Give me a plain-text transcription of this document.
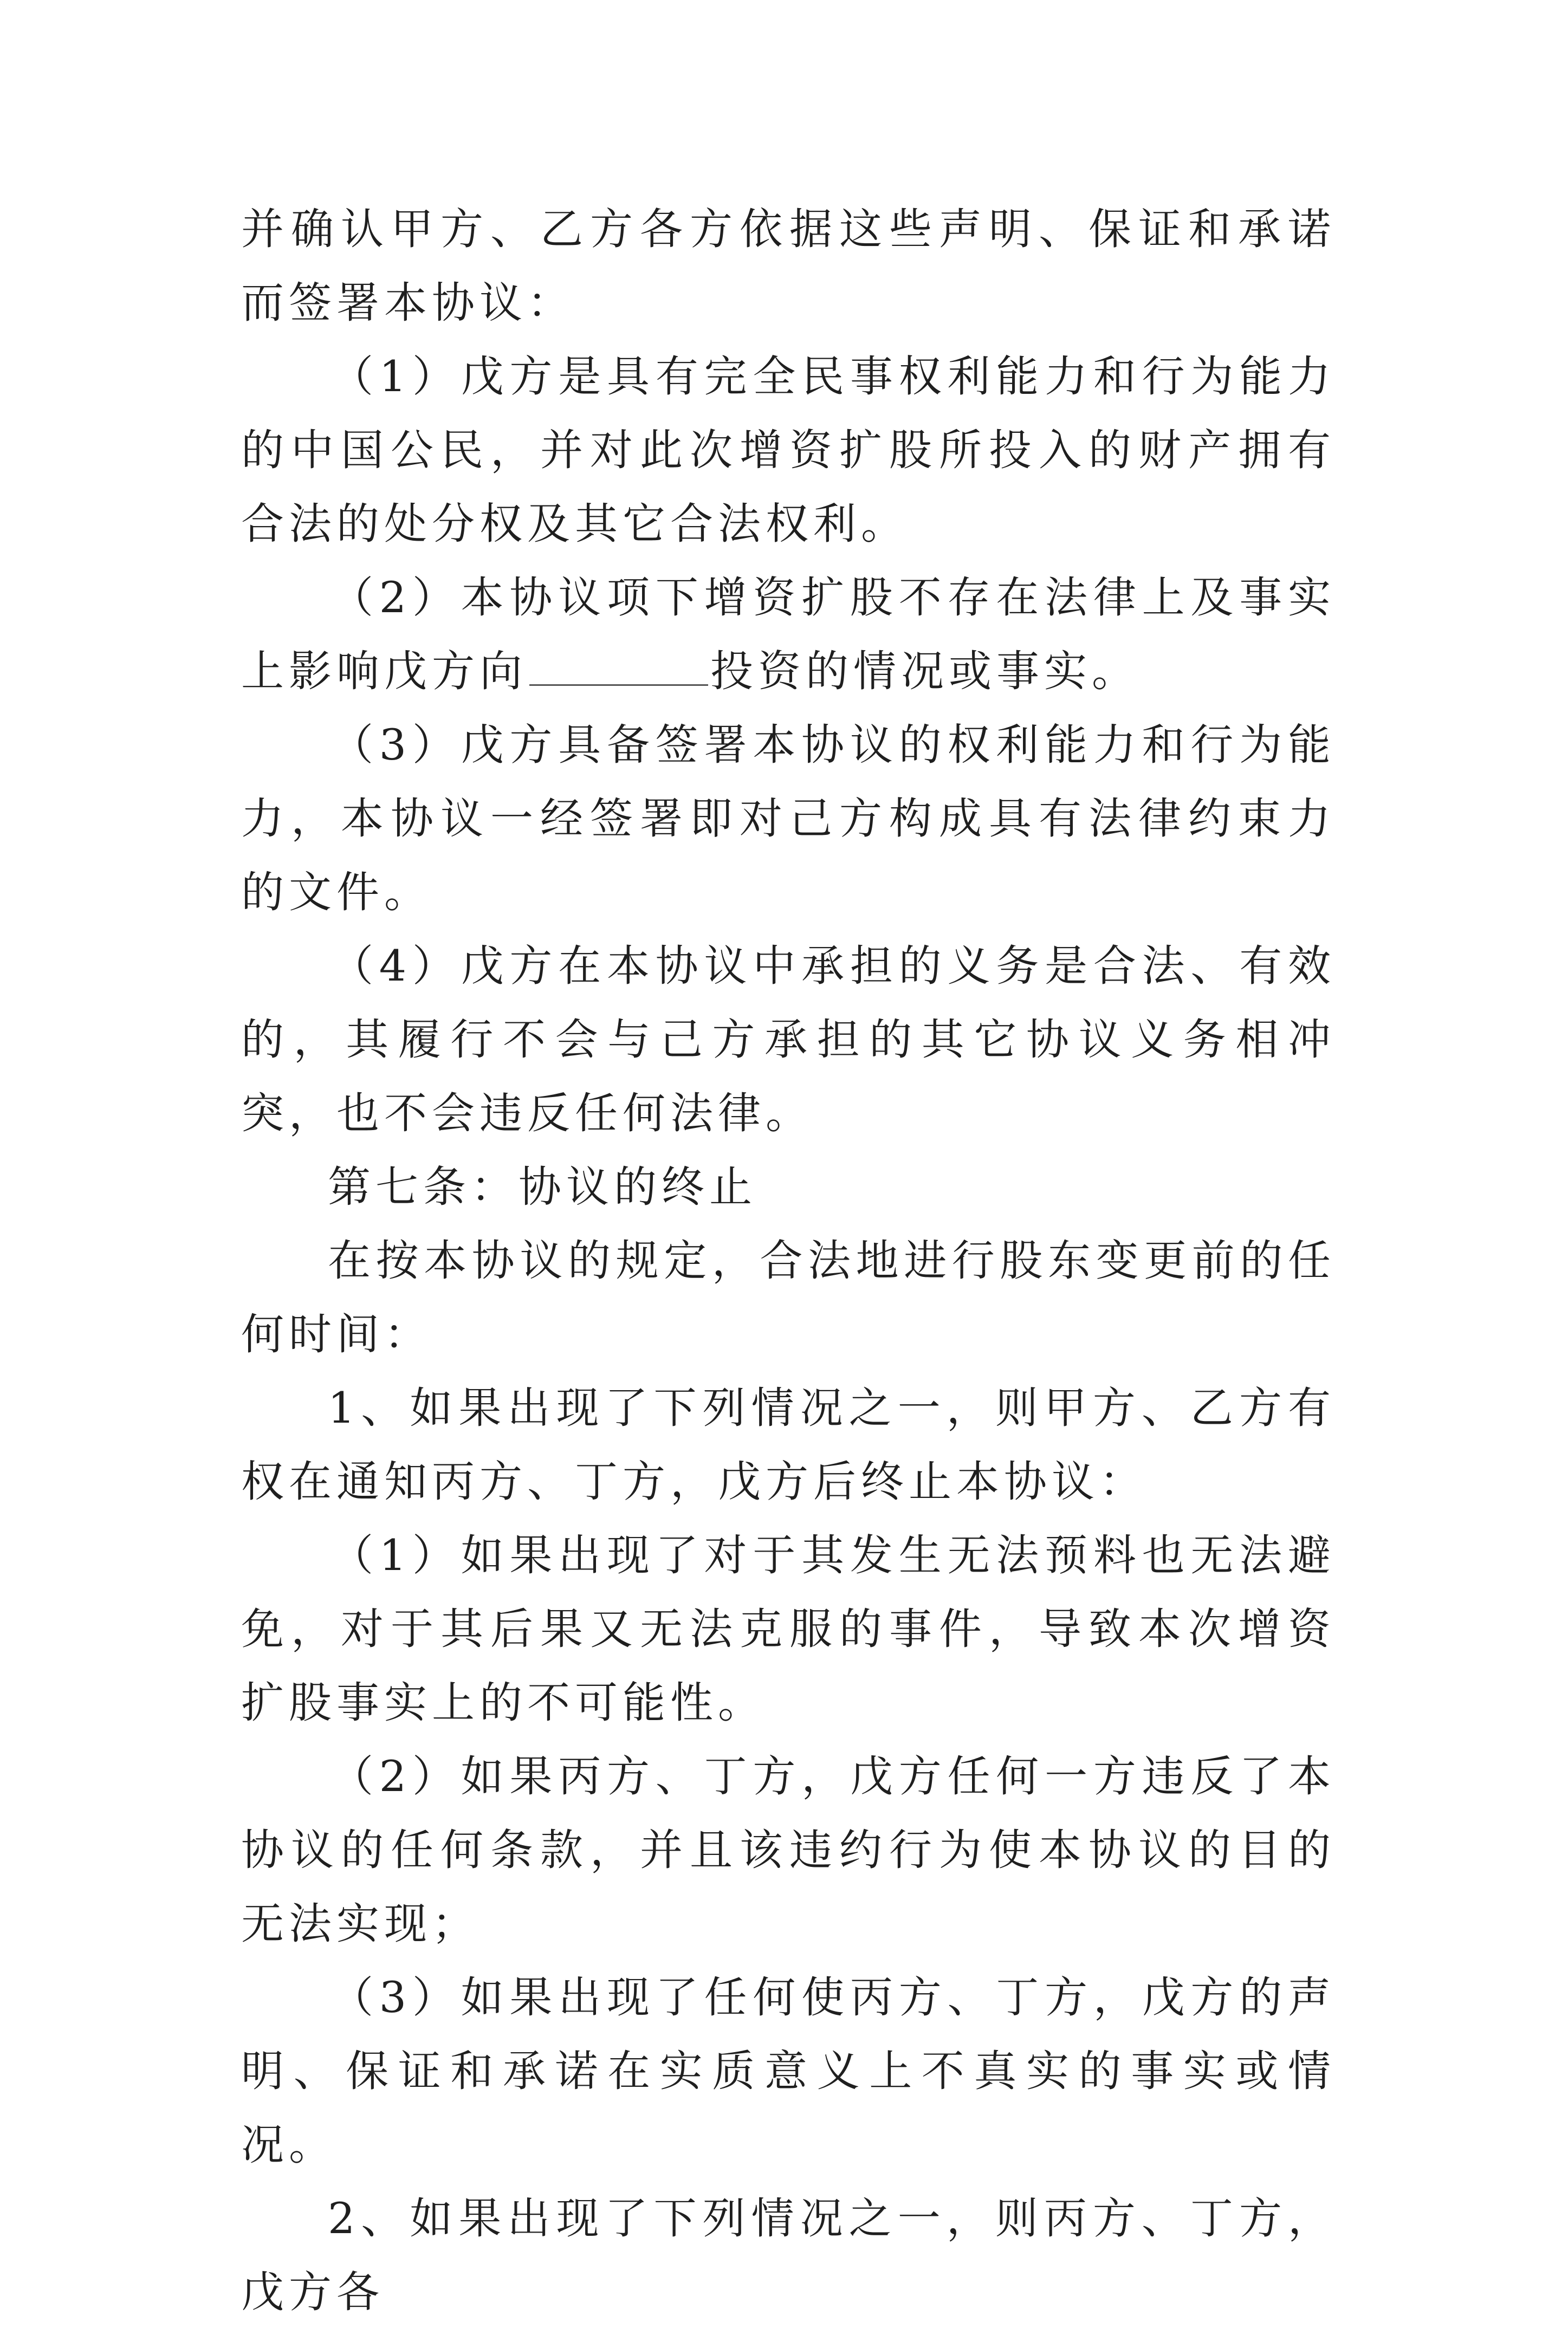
并确认甲方、乙方各方依据这些声明、保证和承诺而签署本协议：

（1）戊方是具有完全民事权利能力和行为能力的中国公民，并对此次增资扩股所投入的财产拥有合法的处分权及其它合法权利。

（2）本协议项下增资扩股不存在法律上及事实上影响戊方向	投资的情况或事实。

（3）戊方具备签署本协议的权利能力和行为能力，本协议一经签署即对己方构成具有法律约束力的文件。

（4）戊方在本协议中承担的义务是合法、有效的，其履行不会与己方承担的其它协议义务相冲突，也不会违反任何法律。

第七条：协议的终止

在按本协议的规定，合法地进行股东变更前的任何时间：

1、如果出现了下列情况之一，则甲方、乙方有权在通知丙方、丁方，戊方后终止本协议：

（1）如果出现了对于其发生无法预料也无法避免，对于其后果又无法克服的事件，导致本次增资扩股事实上的不可能性。

（2）如果丙方、丁方，戊方任何一方违反了本协议的任何条款，并且该违约行为使本协议的目的无法实现；

（3）如果出现了任何使丙方、丁方，戊方的声明、保证和承诺在实质意义上不真实的事实或情况。

2、如果出现了下列情况之一，则丙方、丁方，戊方各
